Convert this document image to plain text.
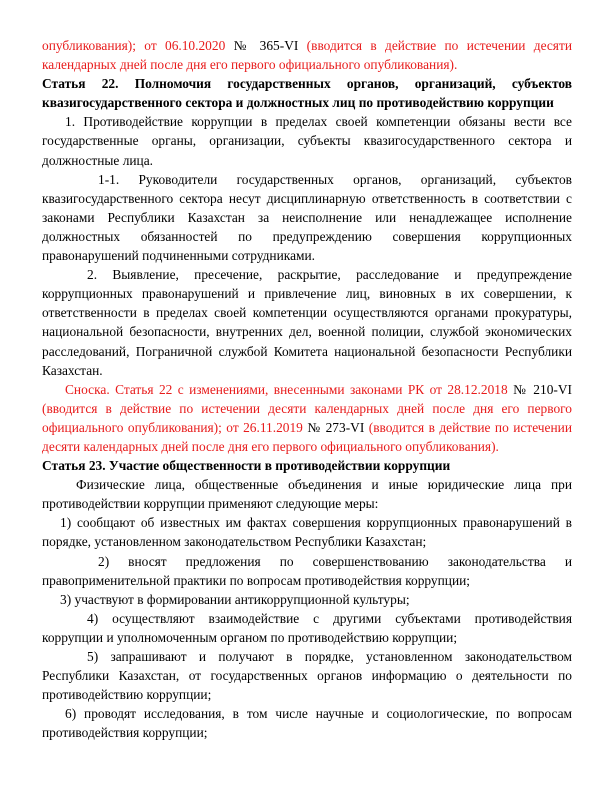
опубликования); от 06.10.2020 № 365-VI (вводится в действие по истечении десяти календарных дней после дня его первого официального опубликования).

Статья 22. Полномочия государственных органов, организаций, субъектов квазигосударственного сектора и должностных лиц по противодействию коррупции

1. Противодействие коррупции в пределах своей компетенции обязаны вести все государственные органы, организации, субъекты квазигосударственного сектора и должностные лица.

1-1. Руководители государственных органов, организаций, субъектов квазигосударственного сектора несут дисциплинарную ответственность в соответствии с законами Республики Казахстан за неисполнение или ненадлежащее исполнение должностных обязанностей по предупреждению совершения коррупционных правонарушений подчиненными сотрудниками.

2. Выявление, пресечение, раскрытие, расследование и предупреждение коррупционных правонарушений и привлечение лиц, виновных в их совершении, к ответственности в пределах своей компетенции осуществляются органами прокуратуры, национальной безопасности, внутренних дел, военной полиции, службой экономических расследований, Пограничной службой Комитета национальной безопасности Республики Казахстан.

Сноска. Статья 22 с изменениями, внесенными законами РК от 28.12.2018 № 210-VI (вводится в действие по истечении десяти календарных дней после дня его первого официального опубликования); от 26.11.2019 № 273-VI (вводится в действие по истечении десяти календарных дней после дня его первого официального опубликования).

Статья 23. Участие общественности в противодействии коррупции

Физические лица, общественные объединения и иные юридические лица при противодействии коррупции применяют следующие меры:

1) сообщают об известных им фактах совершения коррупционных правонарушений в порядке, установленном законодательством Республики Казахстан;

2) вносят предложения по совершенствованию законодательства и правоприменительной практики по вопросам противодействия коррупции;

3) участвуют в формировании антикоррупционной культуры;

4) осуществляют взаимодействие с другими субъектами противодействия коррупции и уполномоченным органом по противодействию коррупции;

5) запрашивают и получают в порядке, установленном законодательством Республики Казахстан, от государственных органов информацию о деятельности по противодействию коррупции;

6) проводят исследования, в том числе научные и социологические, по вопросам противодействия коррупции;
